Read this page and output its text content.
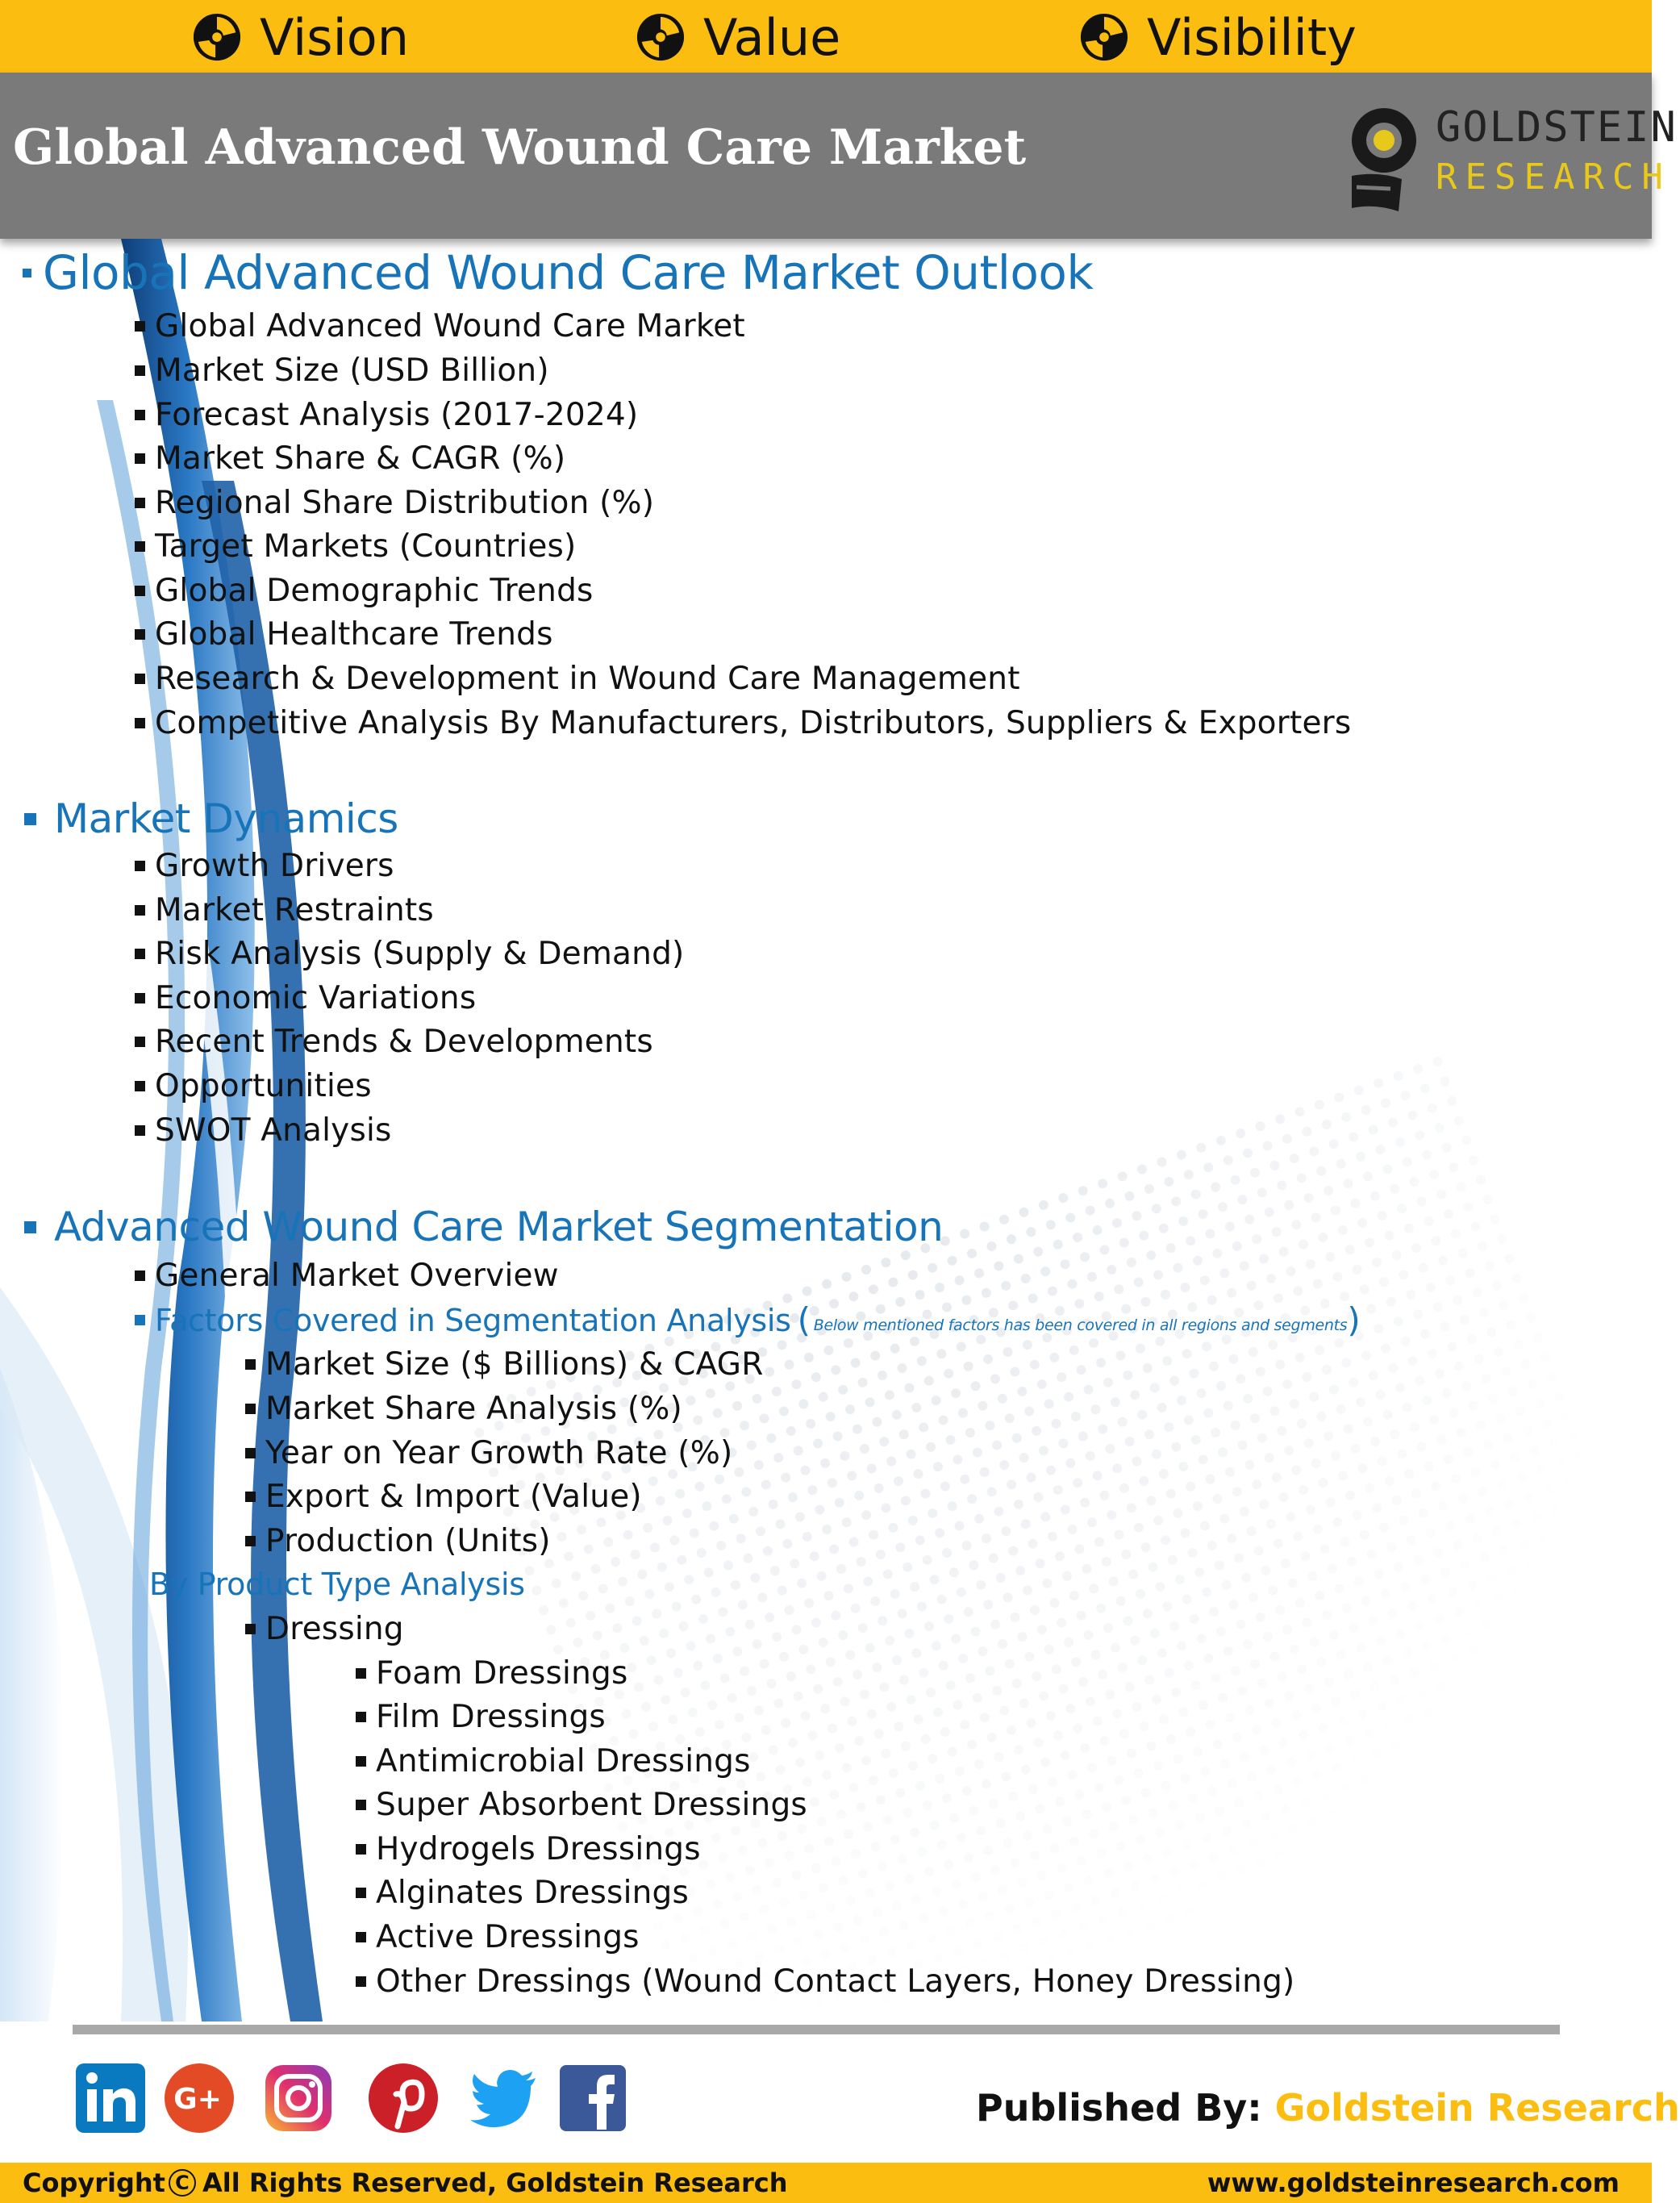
Vision	Value	Visibility
Global Advanced Wound Care Market	GOLDSTEIN
RESEARCH
Global Advanced Wound Care Market Outlook
Global Advanced Wound Care Market
Market Size (USD Billion)
Forecast Analysis (2017-2024)
Market Share & CAGR (%)
Regional Share Distribution (%)
Target Markets (Countries)
Global Demographic Trends
Global Healthcare Trends
Research & Development in Wound Care Management
Competitive Analysis By Manufacturers, Distributors, Suppliers & Exporters
Market Dynamics
Growth Drivers
Market Restraints
Risk Analysis (Supply & Demand)
Economic Variations
Recent Trends & Developments
Opportunities
SWOT Analysis
Advanced Wound Care Market Segmentation
General Market Overview
Factors Covered in Segmentation Analysis ( Below mentioned factors has been covered in all regions and segments )
Market Size ($ Billions) & CAGR
Market Share Analysis (%)
Year on Year Growth Rate (%)
Export & Import (Value)
Production (Units)
By Product Type Analysis
Dressing
Foam Dressings
Film Dressings
Antimicrobial Dressings
Super Absorbent Dressings
Hydrogels Dressings
Alginates Dressings
Active Dressings
Other Dressings (Wound Contact Layers, Honey Dressing)
G+	Published By: Goldstein Research
Copyright C All Rights Reserved, Goldstein Research	www.goldsteinresearch.com
